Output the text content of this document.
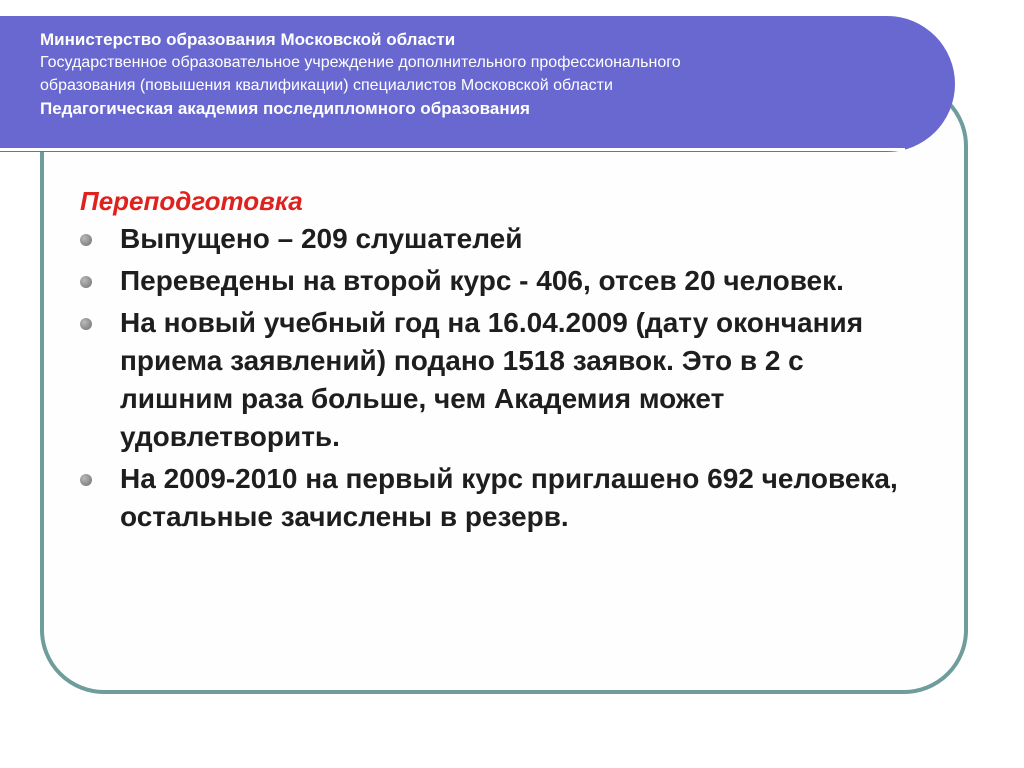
Министерство образования Московской области
Государственное образовательное учреждение дополнительного профессионального
образования (повышения квалификации) специалистов Московской области
Педагогическая академия последипломного образования
Переподготовка
Выпущено – 209 слушателей
Переведены на второй курс - 406, отсев 20 человек.
На новый учебный год на 16.04.2009 (дату окончания приема заявлений) подано 1518 заявок. Это в 2 с лишним раза больше, чем Академия может удовлетворить.
На 2009-2010 на первый курс приглашено 692 человека, остальные зачислены в резерв.
